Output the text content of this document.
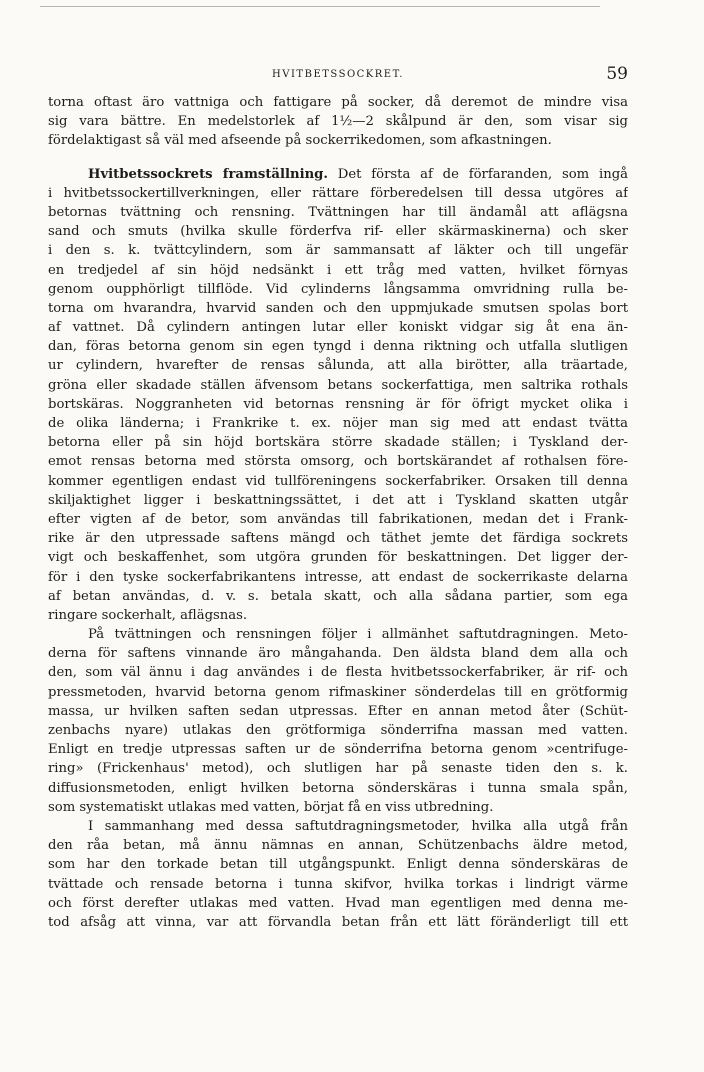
HVITBETSSOCKRET.	59
torna oftast äro vattniga och fattigare på socker, då deremot de mindre visa
sig vara bättre. En medelstorlek af 1½—2 skålpund är den, som visar sig
fördelaktigast så väl med afseende på sockerrikedomen, som afkastningen.
Hvitbetssockrets framställning. Det första af de förfaranden, som ingå
i hvitbetssockertillverkningen, eller rättare förberedelsen till dessa utgöres af
betornas tvättning och rensning. Tvättningen har till ändamål att aflägsna
sand och smuts (hvilka skulle förderfva rif- eller skärmaskinerna) och sker
i den s. k. tvättcylindern, som är sammansatt af läkter och till ungefär
en tredjedel af sin höjd nedsänkt i ett tråg med vatten, hvilket förnyas
genom oupphörligt tillflöde. Vid cylinderns långsamma omvridning rulla be-
torna om hvarandra, hvarvid sanden och den uppmjukade smutsen spolas bort
af vattnet. Då cylindern antingen lutar eller koniskt vidgar sig åt ena än-
dan, föras betorna genom sin egen tyngd i denna riktning och utfalla slutligen
ur cylindern, hvarefter de rensas sålunda, att alla birötter, alla träartade,
gröna eller skadade ställen äfvensom betans sockerfattiga, men saltrika rothals
bortskäras. Noggranheten vid betornas rensning är för öfrigt mycket olika i
de olika länderna; i Frankrike t. ex. nöjer man sig med att endast tvätta
betorna eller på sin höjd bortskära större skadade ställen; i Tyskland der-
emot rensas betorna med största omsorg, och bortskärandet af rothalsen före-
kommer egentligen endast vid tullföreningens sockerfabriker. Orsaken till denna
skiljaktighet ligger i beskattningssättet, i det att i Tyskland skatten utgår
efter vigten af de betor, som användas till fabrikationen, medan det i Frank-
rike är den utpressade saftens mängd och täthet jemte det färdiga sockrets
vigt och beskaffenhet, som utgöra grunden för beskattningen. Det ligger der-
för i den tyske sockerfabrikantens intresse, att endast de sockerrikaste delarna
af betan användas, d. v. s. betala skatt, och alla sådana partier, som ega
ringare sockerhalt, aflägsnas.
På tvättningen och rensningen följer i allmänhet saftutdragningen. Meto-
derna för saftens vinnande äro mångahanda. Den äldsta bland dem alla och
den, som väl ännu i dag användes i de flesta hvitbetssockerfabriker, är rif- och
pressmetoden, hvarvid betorna genom rifmaskiner sönderdelas till en grötformig
massa, ur hvilken saften sedan utpressas. Efter en annan metod åter (Schüt-
zenbachs nyare) utlakas den grötformiga sönderrifna massan med vatten.
Enligt en tredje utpressas saften ur de sönderrifna betorna genom »centrifuge-
ring» (Frickenhaus' metod), och slutligen har på senaste tiden den s. k.
diffusionsmetoden, enligt hvilken betorna sönderskäras i tunna smala spån,
som systematiskt utlakas med vatten, börjat få en viss utbredning.
I sammanhang med dessa saftutdragningsmetoder, hvilka alla utgå från
den råa betan, må ännu nämnas en annan, Schützenbachs äldre metod,
som har den torkade betan till utgångspunkt. Enligt denna sönderskäras de
tvättade och rensade betorna i tunna skifvor, hvilka torkas i lindrigt värme
och först derefter utlakas med vatten. Hvad man egentligen med denna me-
tod afsåg att vinna, var att förvandla betan från ett lätt föränderligt till ett
